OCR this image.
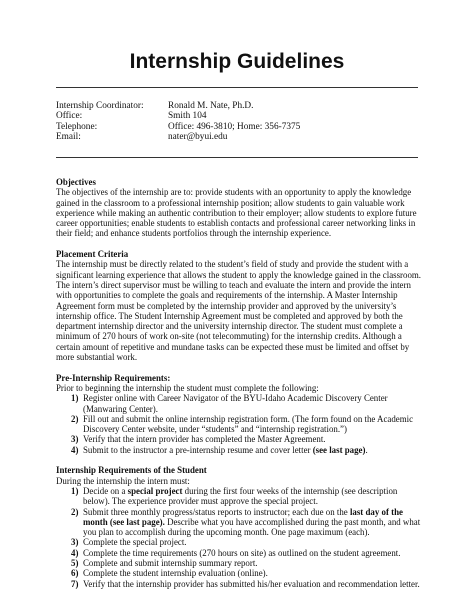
Internship Guidelines
Internship Coordinator:	Ronald M. Nate, Ph.D.
Office:	Smith 104
Telephone:	Office: 496-3810; Home: 356-7375
Email:	nater@byui.edu
Objectives

The objectives of the internship are to: provide students with an opportunity to apply the knowledge gained in the classroom to a professional internship position; allow students to gain valuable work experience while making an authentic contribution to their employer; allow students to explore future career opportunities; enable students to establish contacts and professional career networking links in their field; and enhance students portfolios through the internship experience.

Placement Criteria

The internship must be directly related to the student’s field of study and provide the student with a significant learning experience that allows the student to apply the knowledge gained in the classroom. The intern’s direct supervisor must be willing to teach and evaluate the intern and provide the intern with opportunities to complete the goals and requirements of the internship. A Master Internship Agreement form must be completed by the internship provider and approved by the university’s internship office. The Student Internship Agreement must be completed and approved by both the department internship director and the university internship director. The student must complete a minimum of 270 hours of work on-site (not telecommuting) for the internship credits. Although a certain amount of repetitive and mundane tasks can be expected these must be limited and offset by more substantial work.

Pre-Internship Requirements:
Prior to beginning the internship the student must complete the following:
1) Register online with Career Navigator of the BYU-Idaho Academic Discovery Center (Manwaring Center).
2) Fill out and submit the online internship registration form. (The form found on the Academic Discovery Center website, under “students” and “internship registration.”)
3) Verify that the intern provider has completed the Master Agreement.
4) Submit to the instructor a pre-internship resume and cover letter (see last page).
Internship Requirements of the Student
During the internship the intern must:
1) Decide on a special project during the first four weeks of the internship (see description below). The experience provider must approve the special project.
2) Submit three monthly progress/status reports to instructor; each due on the last day of the month (see last page). Describe what you have accomplished during the past month, and what you plan to accomplish during the upcoming month. One page maximum (each).
3) Complete the special project.
4) Complete the time requirements (270 hours on site) as outlined on the student agreement.
5) Complete and submit internship summary report.
6) Complete the student internship evaluation (online).
7) Verify that the internship provider has submitted his/her evaluation and recommendation letter.
